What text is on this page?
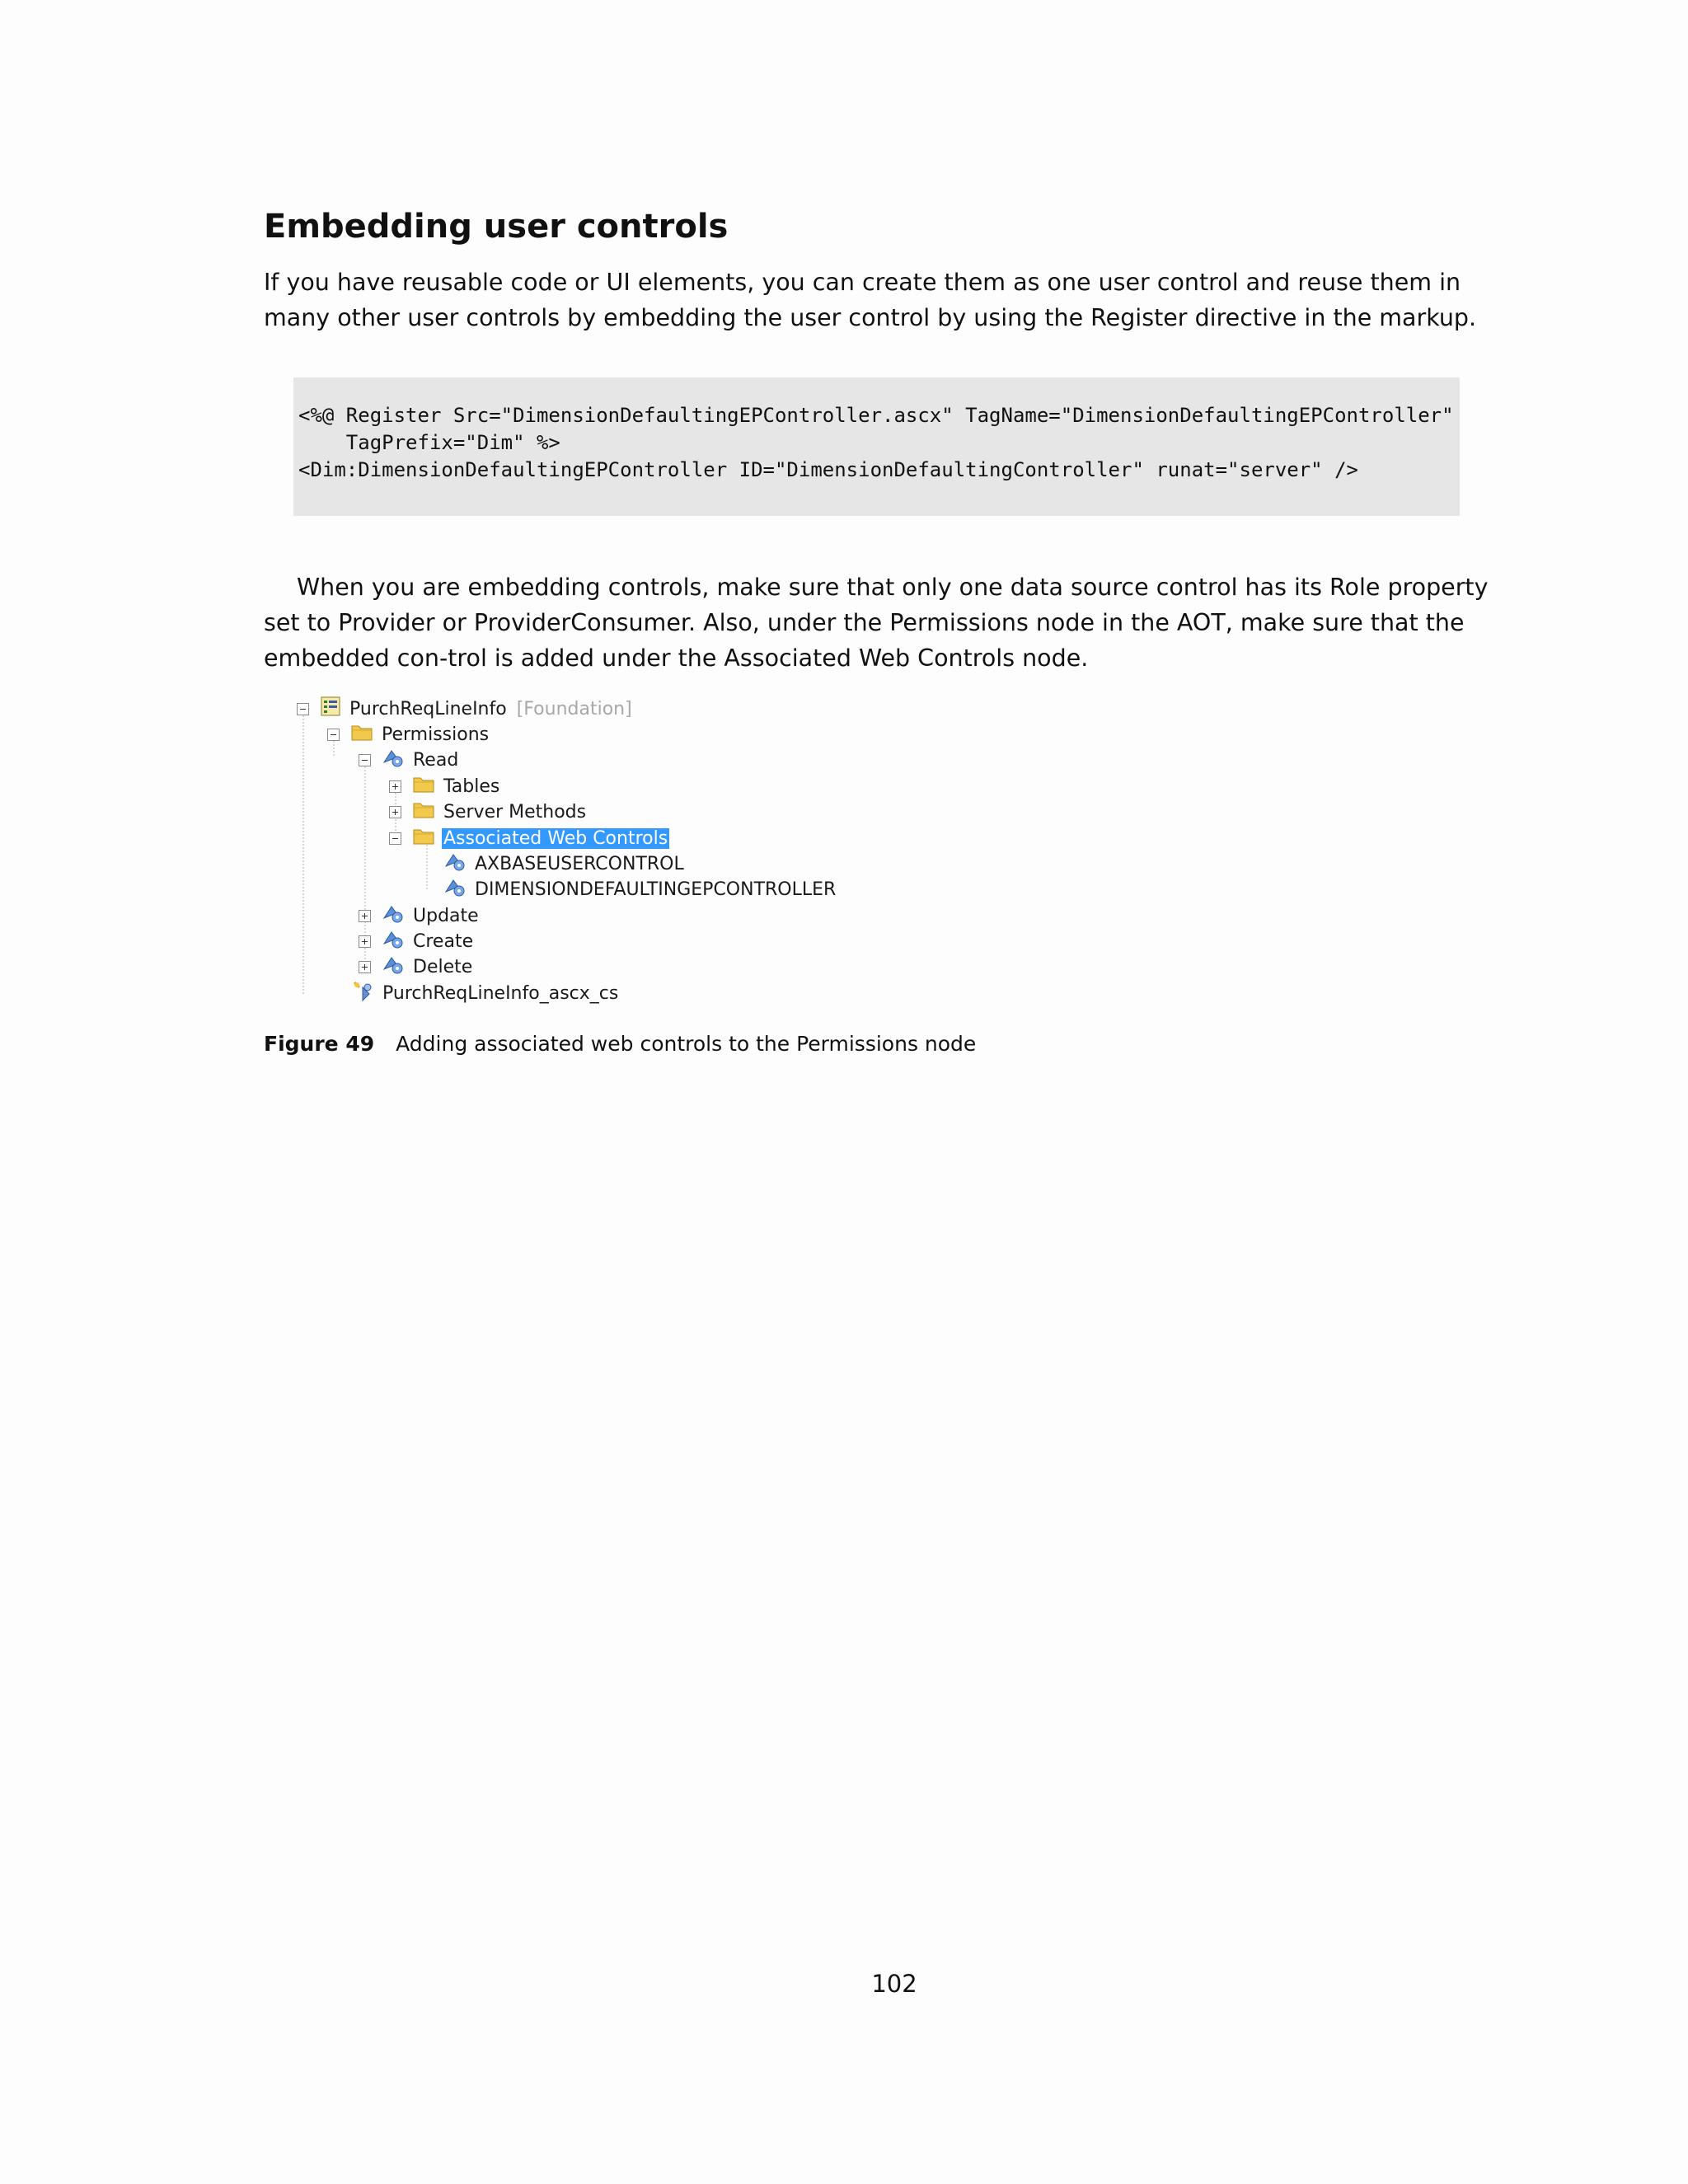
Embedding user controls

If you have reusable code or UI elements, you can create them as one user control and reuse them in many other user controls by embedding the user control by using the Register directive in the markup.

<%@ Register Src="DimensionDefaultingEPController.ascx" TagName="DimensionDefaultingEPController"
TagPrefix="Dim" %>
<Dim:DimensionDefaultingEPController ID="DimensionDefaultingController" runat="server" />

When you are embedding controls, make sure that only one data source control has its Role property set to Provider or ProviderConsumer. Also, under the Permissions node in the AOT, make sure that the embedded con-trol is added under the Associated Web Controls node.

PurchReqLineInfo [Foundation]
Permissions
Read
Tables
Server Methods
Associated Web Controls
AXBASEUSERCONTROL
DIMENSIONDEFAULTINGEPCONTROLLER
Update
Create
Delete
PurchReqLineInfo_ascx_cs

Figure 49 Adding associated web controls to the Permissions node

102
